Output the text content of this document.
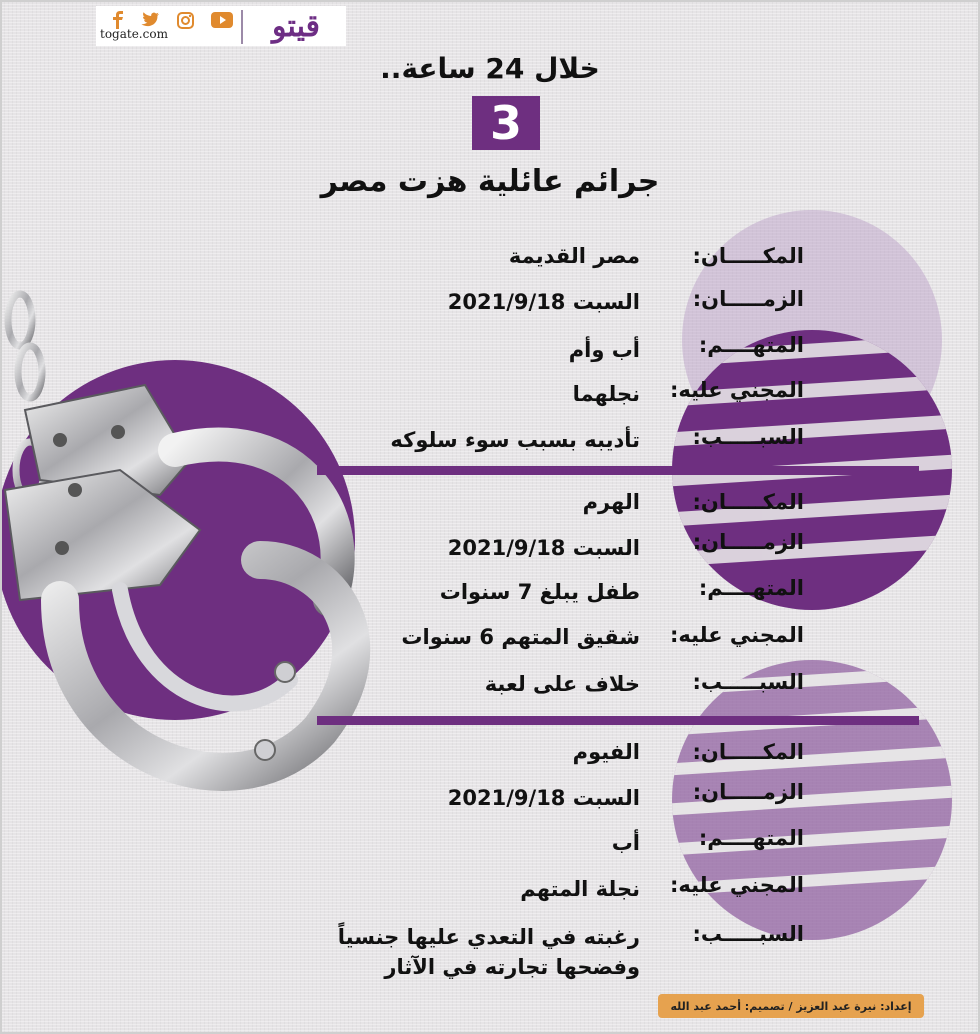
قيتو
togate.com
خلال 24 ساعة..
3
جرائم عائلية هزت مصر
المكـــــان:
مصر القديمة
الزمـــــان:
السبت 2021/9/18
المتهــــم:
أب وأم
المجني عليه:
نجلهما
السبـــــب:
تأديبه بسبب سوء سلوكه
المكـــــان:
الهرم
الزمـــــان:
السبت 2021/9/18
المتهــــم:
طفل يبلغ 7 سنوات
المجني عليه:
شقيق المتهم 6 سنوات
السبـــــب:
خلاف على لعبة
المكـــــان:
الفيوم
الزمـــــان:
السبت 2021/9/18
المتهــــم:
أب
المجني عليه:
نجلة المتهم
السبـــــب:
رغبته في التعدي عليها جنسياً وفضحها تجارته في الآثار
إعداد: نيرة عبد العزيز / تصميم: أحمد عبد الله
